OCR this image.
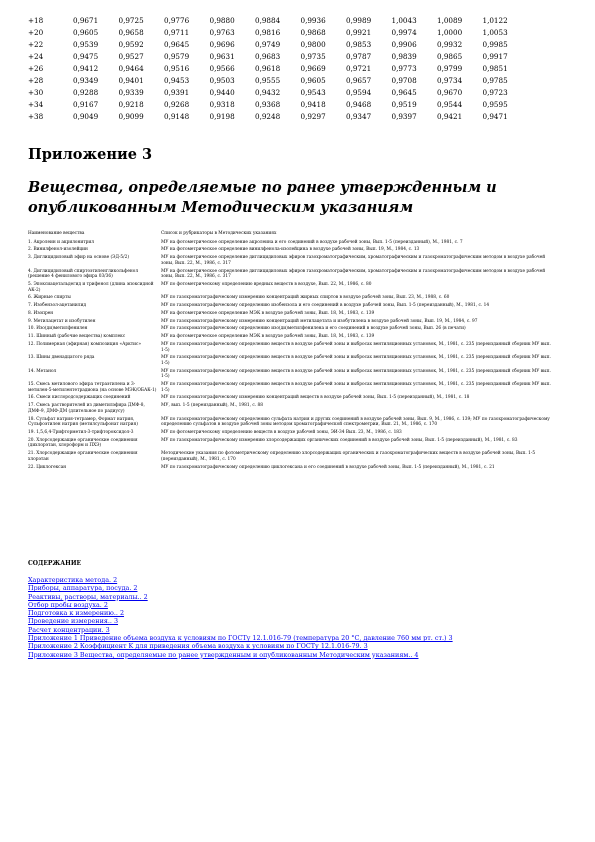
+18	0,9671	0,9725	0,9776	0,9880	0,9884	0,9936	0,9989	1,0043	1,0089	1,0122
+20	0,9605	0,9658	0,9711	0,9763	0,9816	0,9868	0,9921	0,9974	1,0000	1,0053
+22	0,9539	0,9592	0,9645	0,9696	0,9749	0,9800	0,9853	0,9906	0,9932	0,9985
+24	0,9475	0,9527	0,9579	0,9631	0,9683	0,9735	0,9787	0,9839	0,9865	0,9917
+26	0,9412	0,9464	0,9516	0,9566	0,9618	0,9669	0,9721	0,9773	0,9799	0,9851
+28	0,9349	0,9401	0,9453	0,9503	0,9555	0,9605	0,9657	0,9708	0,9734	0,9785
+30	0,9288	0,9339	0,9391	0,9440	0,9432	0,9543	0,9594	0,9645	0,9670	0,9723
+34	0,9167	0,9218	0,9268	0,9318	0,9368	0,9418	0,9468	0,9519	0,9544	0,9595
+38	0,9049	0,9099	0,9148	0,9198	0,9248	0,9297	0,9347	0,9397	0,9421	0,9471
Приложение 3
Вещества, определяемые по ранее утвержденным и опубликованным Методическим указаниям
Наименование вещества	Список и рубрикаторы в Методических указаниях
1. Акролеин и акрилонитрил	МУ на фотометрическое определение акролеина и его соединений в воздухе рабочей зоны, Вып. 1-5 (переизданный), М., 1981, с. 7
2. Винилфенол-изолейцин	МУ на фотометрическое определение винилфенола-изолейцина в воздухе рабочей зоны, Вып. 19, М., 1984, с. 13
3. Диглицидиловый эфир на основе (ЭД-5/2)	МУ на фотометрическое определение диглицидиловых эфиров газохроматографическим, хроматографическим и газохроматографическим методом в воздухе рабочей зоны, Вып. 22, М., 1986, с. 317
4. Диглицидиловый спиртоэтиленгликольфенол (решение 4 фенилового эфира 03/36)	МУ на фотометрическое определение диглицидиловых эфиров газохроматографическим, хроматографическим и газохроматографическим методом в воздухе рабочей зоны, Вып. 22, М., 1986, с. 317
5. Эпоксиацетальдегид и трифенол (длина эпоксидной АК-2)	МУ по фотометрическому определению вредных веществ в воздухе, Вып. 22, М., 1986, с. 80
6. Жирные спирты	МУ по газохроматографическому измерению концентраций жирных спиртов в воздухе рабочей зоны, Вып. 23, М., 1988, с. 60
7. Изобензол-ацетанилид	МУ по газохроматографическому определению изобензола и его соединений в воздухе рабочей зоны, Вып. 1-5 (переизданный), М., 1981, с. 14
8. Изопрен	МУ на фотометрическое определение МЭК в воздухе рабочей зоны, Вып. 18, М., 1983, с. 139
9. Метилацетат и изобутилен	МУ по газохроматографическому измерению концентраций метилацетата и изобутилена в воздухе рабочей зоны, Вып. 19, М., 1984, с. 97
10. Изо(ди)метилфенилен	МУ по газохроматографическому определению изо(ди)метилфенилена и его соединений в воздухе рабочей зоны, Вып. 26 (в печати)
11. Шинный (рабочие вещества) комплекс	МУ на фотометрическое определение МЭК в воздухе рабочей зоны, Вып. 18, М., 1983, с. 139
12. Полимерная (эфирная) композиция «Арктис»	МУ по газохроматографическому определению веществ в воздухе рабочей зоны и выбросах вентиляционных установок, М., 1981, с. 235 (переизданный сборник МУ вып. 1-5)
13. Шины двенадцатого ряда	МУ по газохроматографическому определению веществ в воздухе рабочей зоны и выбросах вентиляционных установок, М., 1981, с. 235 (переизданный сборник МУ вып. 1-5)
14. Метанол	МУ по газохроматографическому определению веществ в воздухе рабочей зоны и выбросах вентиляционных установок, М., 1981, с. 235 (переизданный сборник МУ вып. 1-5)
15. Смесь метилового эфира тетраэтилена и 3-метилен-5-метилентетрадиона (на основе МЭК/ОБАК-1)	МУ по газохроматографическому определению веществ в воздухе рабочей зоны и выбросах вентиляционных установок, М., 1981, с. 235 (переизданный сборник МУ вып. 1-5)
16. Смеси кислородсодержащих соединений	МУ по газохроматографическому измерению концентраций веществ в воздухе рабочей зоны, Вып. 1-5 (переизданный), М., 1981, с. 18
17. Смесь растворителей из диметилэфира ДМФ-8, ДМФ-9, ДМФ-ДМ (длительное по радиусу)	МУ, вып. 1-5 (переизданный), М., 1981, с. 88
18. Сульфат натрия-тетрамер, Формат натрия, Сульфоэтилен натрия (метилсульфонат натрия)	МУ по газохроматографическому определению сульфата натрия и других соединений в воздухе рабочей зоны, Вып. 9, М., 1986, с. 139; МУ по газохроматографическому определению сульфатов в воздухе рабочей зоны методом хроматографической спектрометрии, Вып. 21, М., 1986, с. 170
19. 1,5,6,4-Трифторметил-3-трифтороксидол-3	МУ по фотометрическому определению веществ в воздухе рабочей зоны, ЭИ-34 Вып. 23, М., 1986, с. 183
20. Хлорсодержащие органические соединения (дихлорэтан, хлороформ и ПХЭ)	МУ по газохроматографическому измерению хлорсодержащих органических соединений в воздухе рабочей зоны, Вып. 1-5 (переизданный), М., 1981, с. 83
21. Хлорсодержащие органические соединения хлорэтан	Методические указания по фотометрическому определению хлорсодержащих органических и газохроматографических веществ в воздухе рабочей зоны, Вып. 1-5 (переизданный), М., 1981, с. 170
22. Циклогексан	МУ по газохроматографическому определению циклогексана и его соединений в воздухе рабочей зоны, Вып. 1-5 (переизданный), М., 1981, с. 21
СОДЕРЖАНИЕ
Характеристика метода. 2
Приборы, аппаратура, посуда. 2
Реактивы, растворы, материалы.. 2
Отбор пробы воздуха. 2
Подготовка к измерению.. 2
Проведение измерения.. 3
Расчет концентрации. 3
Приложение 1 Приведение объема воздуха к условиям по ГОСТу 12.1.016-79 (температура 20 °С, давление 760 мм рт. ст.) 3
Приложение 2 Коэффициент K для приведения объема воздуха к условиям по ГОСТу 12.1.016-79. 3
Приложение 3 Вещества, определяемые по ранее утвержденным и опубликованным Методическим указаниям.. 4
